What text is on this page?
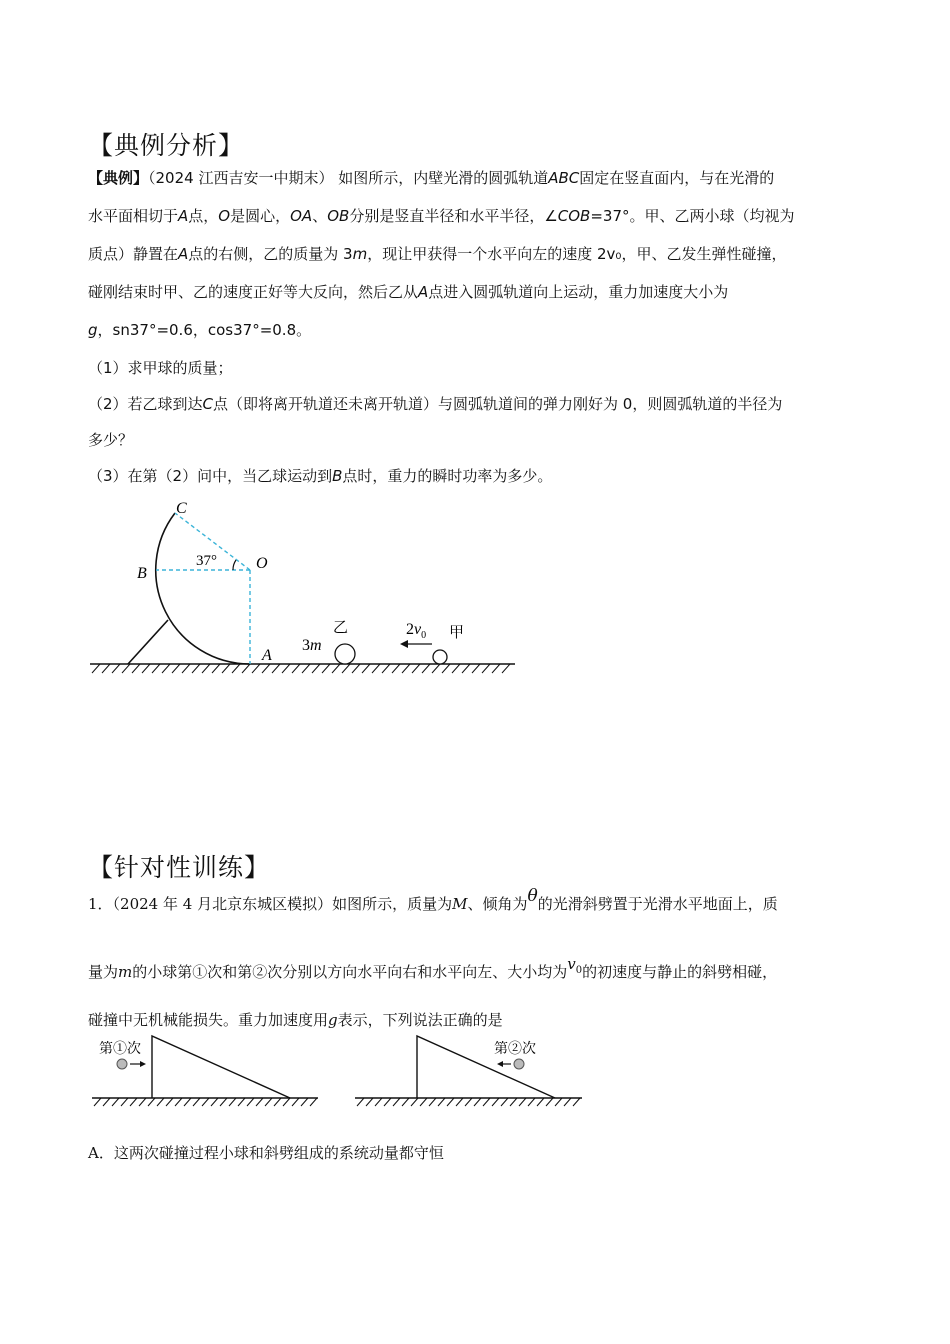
【典例分析】
【典例】（2024 江西吉安一中期末） 如图所示，内壁光滑的圆弧轨道ABC固定在竖直面内，与在光滑的
水平面相切于A点，O是圆心，OA、OB分别是竖直半径和水平半径，∠COB=37°。甲、乙两小球（均视为
质点）静置在A点的右侧，乙的质量为 3m，现让甲获得一个水平向左的速度 2v₀，甲、乙发生弹性碰撞，
碰刚结束时甲、乙的速度正好等大反向，然后乙从A点进入圆弧轨道向上运动，重力加速度大小为
g，sn37°=0.6，cos37°=0.8。
（1）求甲球的质量；
（2）若乙球到达C点（即将离开轨道还未离开轨道）与圆弧轨道间的弹力刚好为 0，则圆弧轨道的半径为
多少？
（3）在第（2）问中，当乙球运动到B点时，重力的瞬时功率为多少。
C
B
O
A
37°
3m
乙	甲
$2v_0$
【针对性训练】
1．（2024 年 4 月北京东城区模拟）如图所示，质量为M、倾角为θ的光滑斜劈置于光滑水平地面上，质
量为m的小球第①次和第②次分别以方向水平向右和水平向左、大小均为$v_0$的初速度与静止的斜劈相碰，
碰撞中无机械能损失。重力加速度用g表示，下列说法正确的是
第①次	第②次
A．这两次碰撞过程小球和斜劈组成的系统动量都守恒
